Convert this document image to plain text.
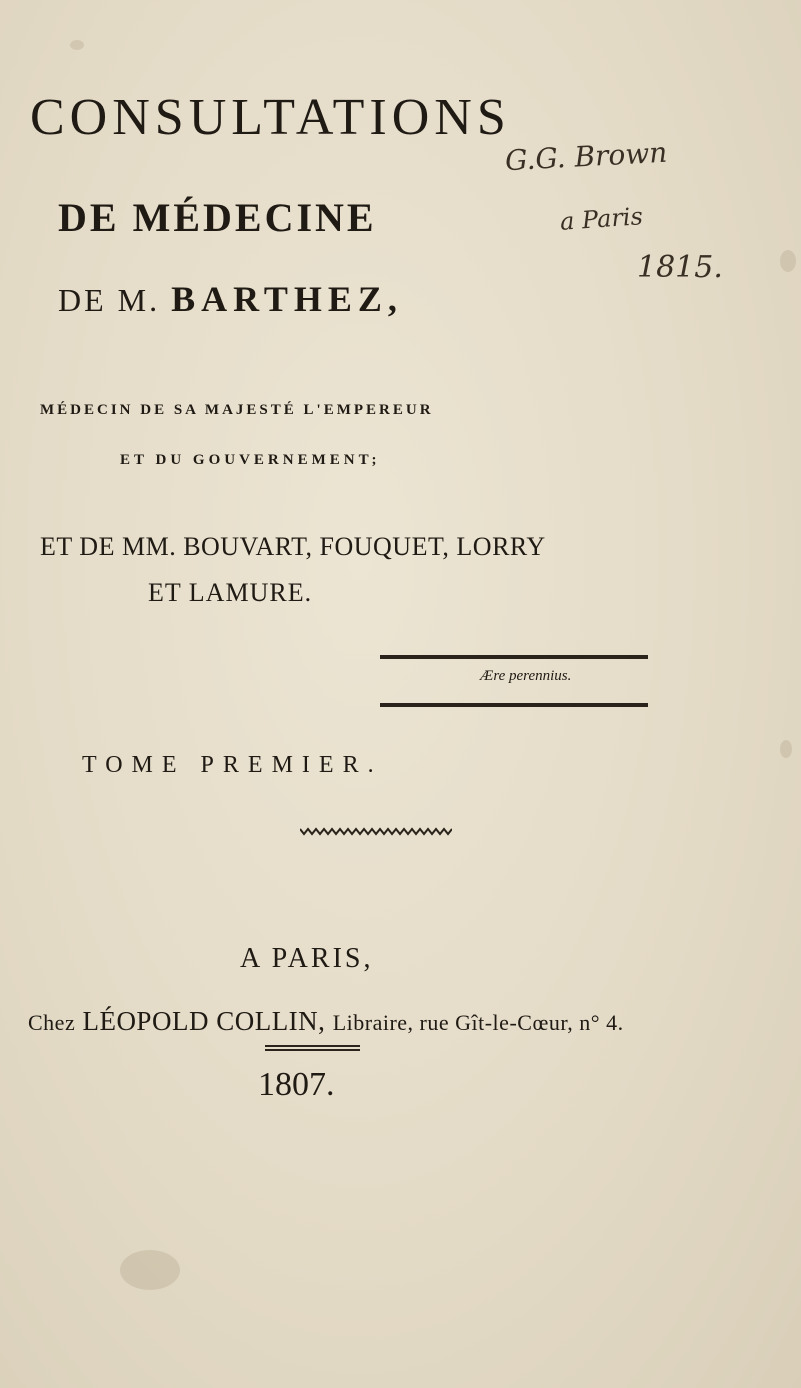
CONSULTATIONS
G.G. Brown
DE MÉDECINE	a Paris
1815.
DE M. BARTHEZ,
MÉDECIN DE SA MAJESTÉ L'EMPEREUR
ET DU GOUVERNEMENT;
ET DE MM. BOUVART, FOUQUET, LORRY
ET LAMURE.
Ære perennius.
TOME PREMIER.
A PARIS,
Chez LÉOPOLD COLLIN, Libraire, rue Gît-le-Cœur, n° 4.
1807.
